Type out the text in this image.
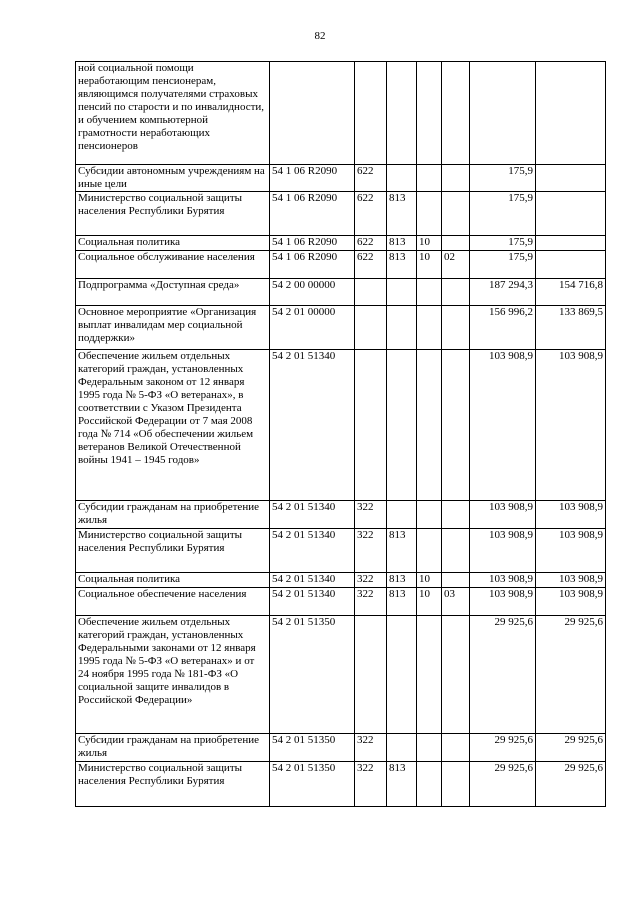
82
ной социальной помощи неработающим пенсионерам, являющимся получателями страховых пенсий по старости и по инвалидности, и обучением компьютерной грамотности неработающих пенсионеров							
Субсидии автономным учреждениям на иные цели	54 1 06 R2090	622				175,9	
Министерство социальной защиты населения Республики Бурятия	54 1 06 R2090	622	813			175,9	
Социальная политика	54 1 06 R2090	622	813	10		175,9	
Социальное обслуживание населения	54 1 06 R2090	622	813	10	02	175,9	
Подпрограмма «Доступная среда»	54 2 00 00000					187 294,3	154 716,8
Основное мероприятие «Организация выплат инвалидам мер социальной поддержки»	54 2 01 00000					156 996,2	133 869,5
Обеспечение жильем отдельных категорий граждан, установленных Федеральным законом от 12 января 1995 года № 5-ФЗ «О ветеранах», в соответствии с Указом Президента Российской Федерации от 7 мая 2008 года № 714 «Об обеспечении жильем ветеранов Великой Отечественной войны 1941 – 1945 годов»	54 2 01 51340					103 908,9	103 908,9
Субсидии гражданам на приобретение жилья	54 2 01 51340	322				103 908,9	103 908,9
Министерство социальной защиты населения Республики Бурятия	54 2 01 51340	322	813			103 908,9	103 908,9
Социальная политика	54 2 01 51340	322	813	10		103 908,9	103 908,9
Социальное обеспечение населения	54 2 01 51340	322	813	10	03	103 908,9	103 908,9
Обеспечение жильем отдельных категорий граждан, установленных Федеральными законами от 12 января 1995 года № 5-ФЗ «О ветеранах» и от 24 ноября 1995 года № 181-ФЗ «О социальной защите инвалидов в Российской Федерации»	54 2 01 51350					29 925,6	29 925,6
Субсидии гражданам на приобретение жилья	54 2 01 51350	322				29 925,6	29 925,6
Министерство социальной защиты населения Республики Бурятия	54 2 01 51350	322	813			29 925,6	29 925,6
